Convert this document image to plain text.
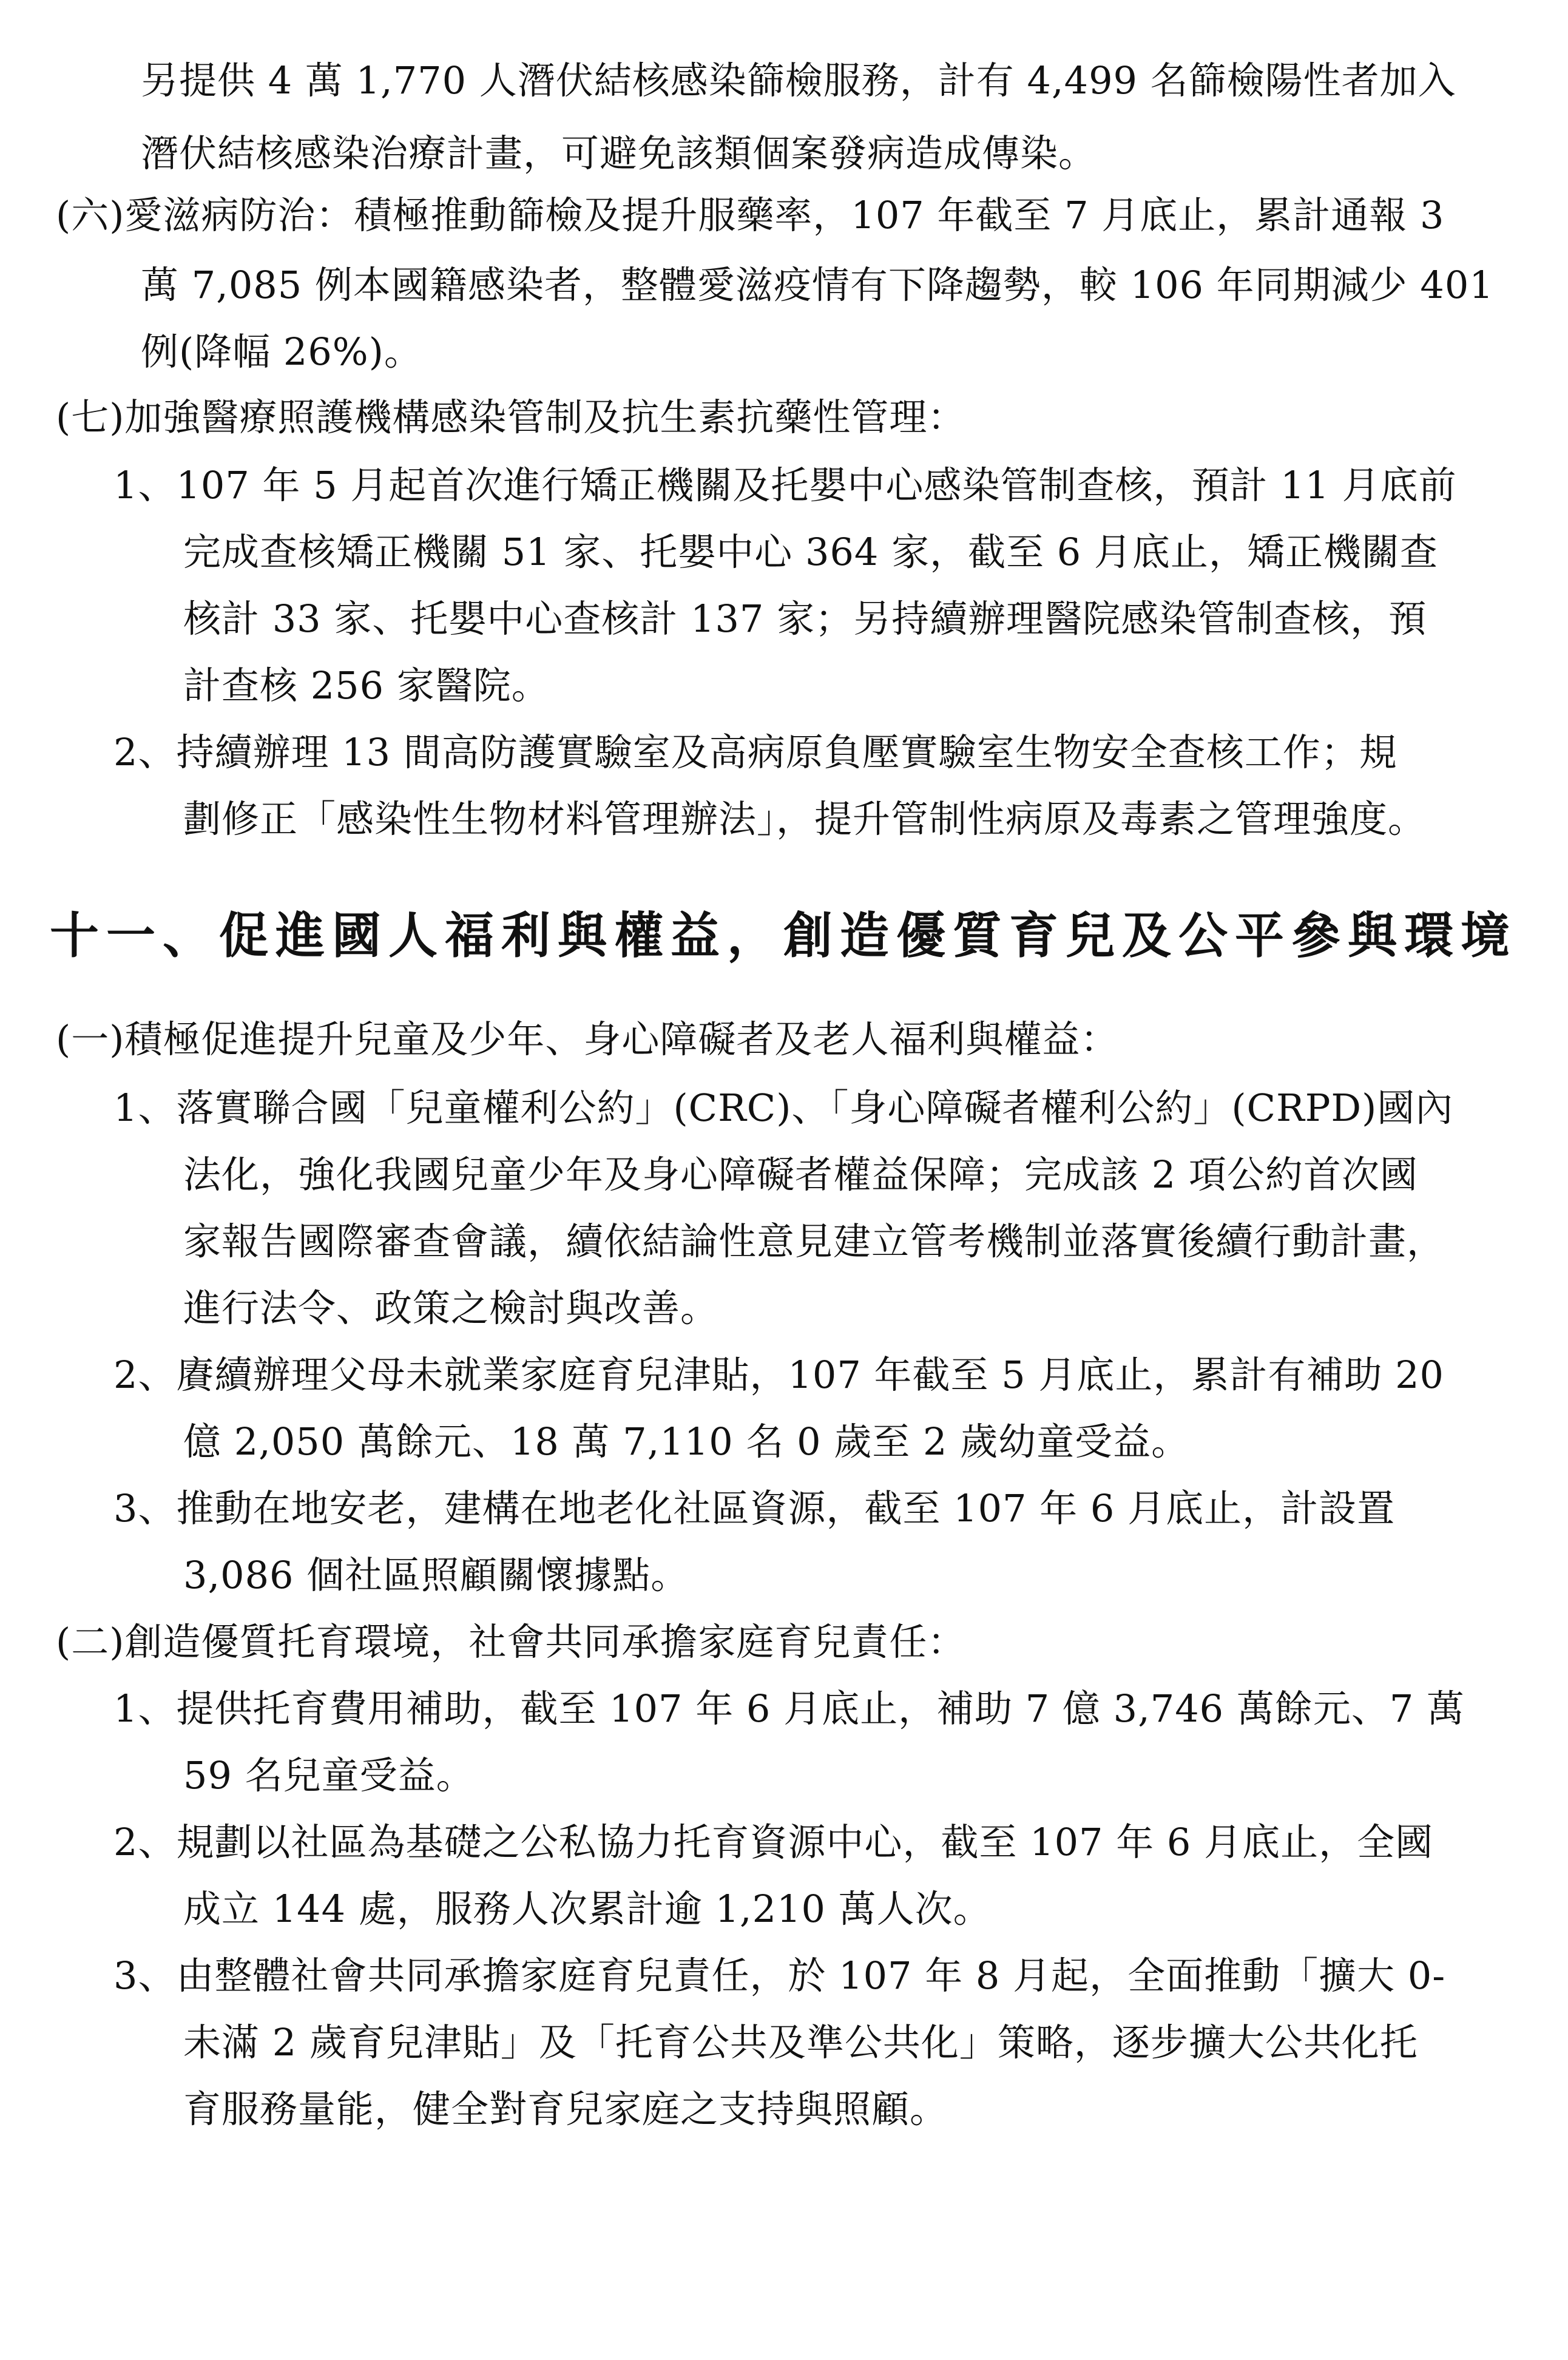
另提供 4 萬 1,770 人潛伏結核感染篩檢服務，計有 4,499 名篩檢陽性者加入
潛伏結核感染治療計畫，可避免該類個案發病造成傳染。
(六)愛滋病防治：積極推動篩檢及提升服藥率，107 年截至 7 月底止，累計通報 3
萬 7,085 例本國籍感染者，整體愛滋疫情有下降趨勢，較 106 年同期減少 401
例(降幅 26%)。
(七)加強醫療照護機構感染管制及抗生素抗藥性管理：
1、107 年 5 月起首次進行矯正機關及托嬰中心感染管制查核，預計 11 月底前
完成查核矯正機關 51 家、托嬰中心 364 家，截至 6 月底止，矯正機關查
核計 33 家、托嬰中心查核計 137 家；另持續辦理醫院感染管制查核，預
計查核 256 家醫院。
2、持續辦理 13 間高防護實驗室及高病原負壓實驗室生物安全查核工作；規
劃修正「感染性生物材料管理辦法」，提升管制性病原及毒素之管理強度。
十一、促進國人福利與權益，創造優質育兒及公平參與環境
(一)積極促進提升兒童及少年、身心障礙者及老人福利與權益：
1、落實聯合國「兒童權利公約」(CRC)、「身心障礙者權利公約」(CRPD)國內
法化，強化我國兒童少年及身心障礙者權益保障；完成該 2 項公約首次國
家報告國際審查會議，續依結論性意見建立管考機制並落實後續行動計畫，
進行法令、政策之檢討與改善。
2、賡續辦理父母未就業家庭育兒津貼，107 年截至 5 月底止，累計有補助 20
億 2,050 萬餘元、18 萬 7,110 名 0 歲至 2 歲幼童受益。
3、推動在地安老，建構在地老化社區資源，截至 107 年 6 月底止，計設置
3,086 個社區照顧關懷據點。
(二)創造優質托育環境，社會共同承擔家庭育兒責任：
1、提供托育費用補助，截至 107 年 6 月底止，補助 7 億 3,746 萬餘元、7 萬
59 名兒童受益。
2、規劃以社區為基礎之公私協力托育資源中心，截至 107 年 6 月底止，全國
成立 144 處，服務人次累計逾 1,210 萬人次。
3、由整體社會共同承擔家庭育兒責任，於 107 年 8 月起，全面推動「擴大 0-
未滿 2 歲育兒津貼」及「托育公共及準公共化」策略，逐步擴大公共化托
育服務量能，健全對育兒家庭之支持與照顧。
